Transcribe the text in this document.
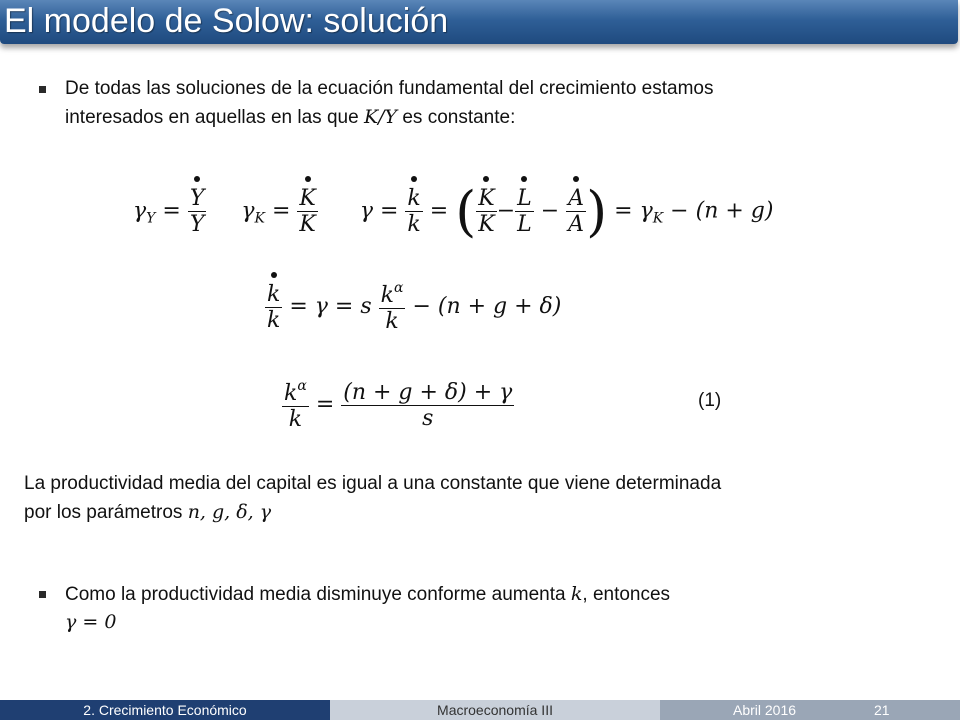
El modelo de Solow: solución
De todas las soluciones de la ecuación fundamental del crecimiento estamos
interesados en aquellas en las que K/Y es constante:
$\gamma_Y = \frac{Y}{Y} \gamma_K = \frac{K}{K}$ $\gamma = \frac{k}{k}$ = ( $\frac{K}{K} - \frac{L}{L} - \frac{A}{A}$ ) = $\gamma_K - (n + g)$
$\frac{k}{k} = \gamma = s \frac{k^\alpha}{k} - (n + g + \delta)$
$\frac{k^\alpha}{k} = \frac{(n + g + \delta) + \gamma}{s}$	(1)
La productividad media del capital es igual a una constante que viene determinada
por los parámetros n, g, δ, γ
Como la productividad media disminuye conforme aumenta k, entonces
γ = 0
2. Crecimiento Económico	Macroeconomía III	Abril 2016	21
